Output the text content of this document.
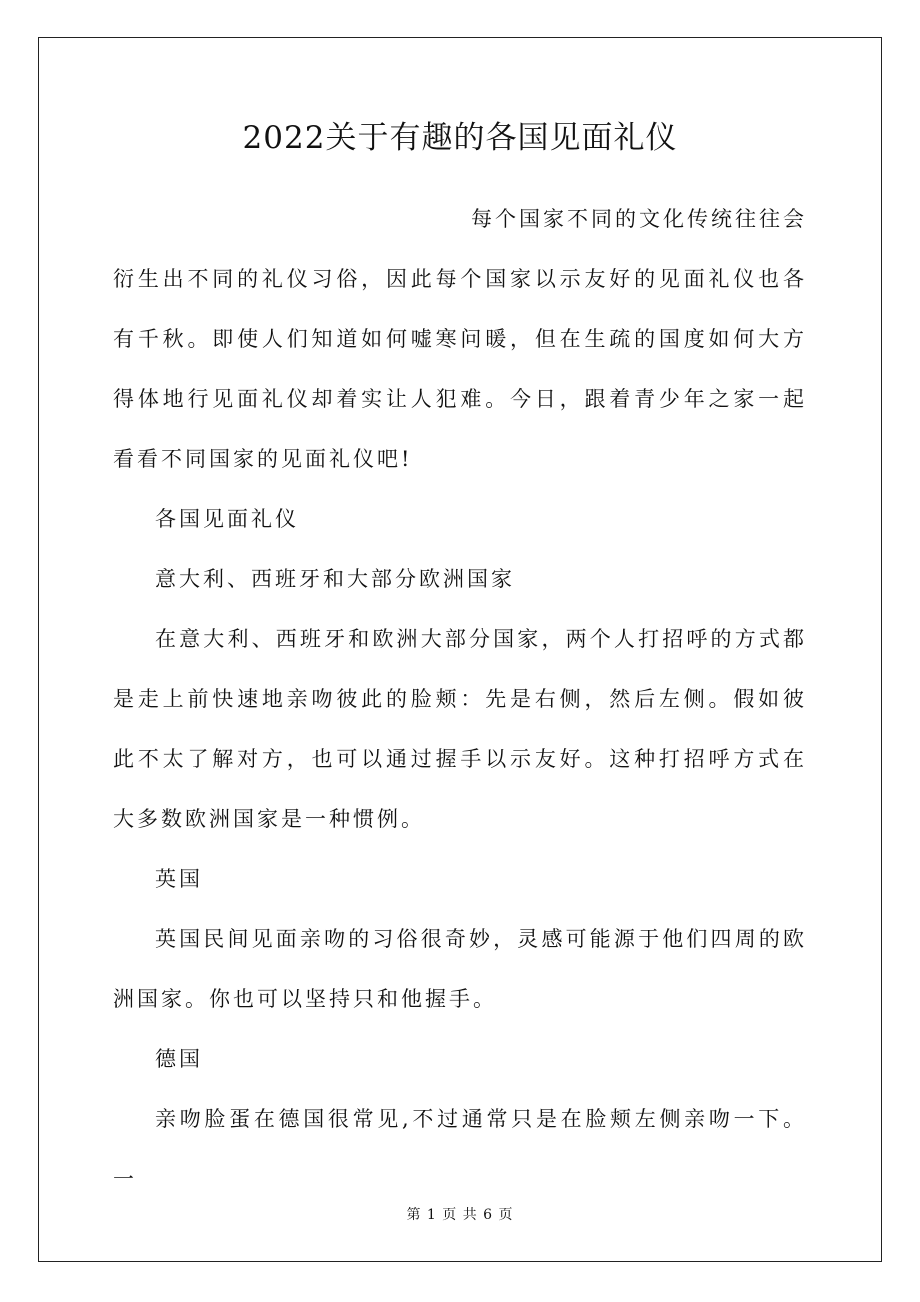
2022关于有趣的各国见面礼仪

每个国家不同的文化传统往往会
衍生出不同的礼仪习俗，因此每个国家以示友好的见面礼仪也各有千秋。即使人们知道如何嘘寒问暖，但在生疏的国度如何大方得体地行见面礼仪却着实让人犯难。今日，跟着青少年之家一起看看不同国家的见面礼仪吧!

各国见面礼仪

意大利、西班牙和大部分欧洲国家

在意大利、西班牙和欧洲大部分国家，两个人打招呼的方式都是走上前快速地亲吻彼此的脸颊：先是右侧，然后左侧。假如彼此不太了解对方，也可以通过握手以示友好。这种打招呼方式在大多数欧洲国家是一种惯例。

英国

英国民间见面亲吻的习俗很奇妙，灵感可能源于他们四周的欧洲国家。你也可以坚持只和他握手。

德国

亲吻脸蛋在德国很常见,不过通常只是在脸颊左侧亲吻一下。一

第 1 页 共 6 页
